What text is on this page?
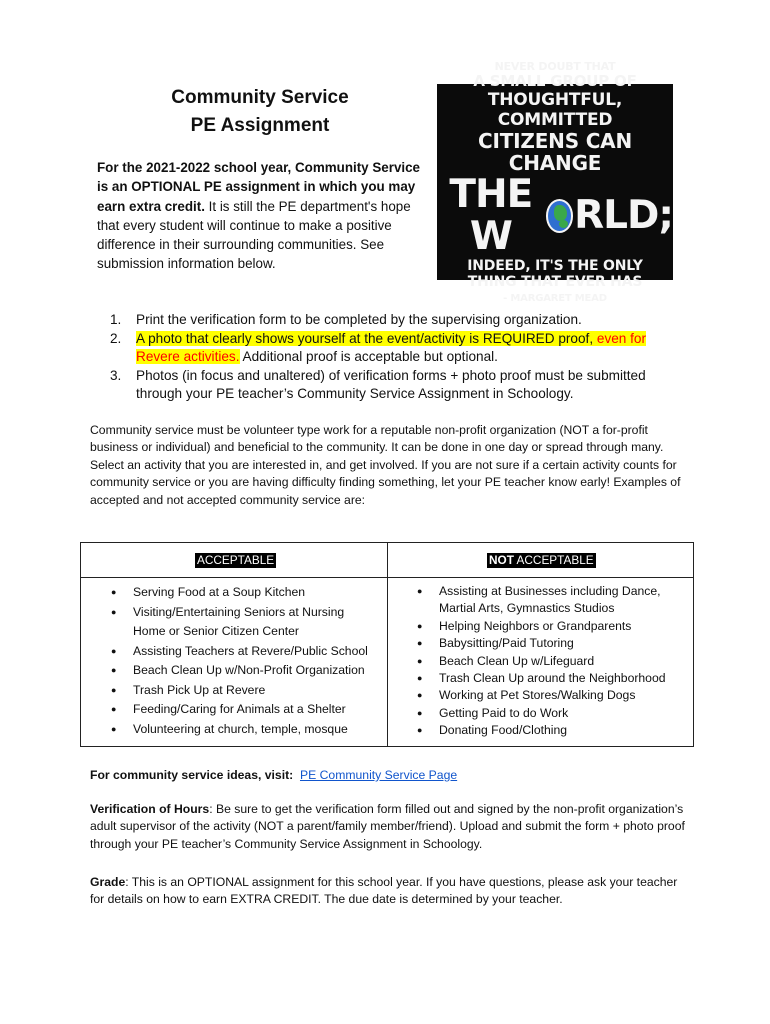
Community Service
PE Assignment
For the 2021-2022 school year, Community Service is an OPTIONAL PE assignment in which you may earn extra credit. It is still the PE department's hope that every student will continue to make a positive difference in their surrounding communities. See submission information below.
NEVER DOUBT THAT
A SMALL GROUP OF
THOUGHTFUL, COMMITTED
CITIZENS CAN CHANGE
THE W	RLD;
INDEED, IT'S THE ONLY
THING THAT EVER HAS
- MARGARET MEAD
1. Print the verification form to be completed by the supervising organization.
2. A photo that clearly shows yourself at the event/activity is REQUIRED proof, even for
Revere activities. Additional proof is acceptable but optional.
3. Photos (in focus and unaltered) of verification forms + photo proof must be submitted through your PE teacher’s Community Service Assignment in Schoology.
Community service must be volunteer type work for a reputable non-profit organization (NOT a for-profit business or individual) and beneficial to the community. It can be done in one day or spread through many. Select an activity that you are interested in, and get involved. If you are not sure if a certain activity counts for community service or you are having difficulty finding something, let your PE teacher know early! Examples of accepted and not accepted community service are:
ACCEPTABLE	NOT ACCEPTABLE
● Serving Food at a Soup Kitchen
● Visiting/Entertaining Seniors at Nursing Home or Senior Citizen Center
● Assisting Teachers at Revere/Public School
● Beach Clean Up w/Non-Profit Organization
● Trash Pick Up at Revere
● Feeding/Caring for Animals at a Shelter
● Volunteering at church, temple, mosque
● Assisting at Businesses including Dance, Martial Arts, Gymnastics Studios
● Helping Neighbors or Grandparents
● Babysitting/Paid Tutoring
● Beach Clean Up w/Lifeguard
● Trash Clean Up around the Neighborhood
● Working at Pet Stores/Walking Dogs
● Getting Paid to do Work
● Donating Food/Clothing
For community service ideas, visit: PE Community Service Page
Verification of Hours: Be sure to get the verification form filled out and signed by the non-profit organization’s adult supervisor of the activity (NOT a parent/family member/friend). Upload and submit the form + photo proof through your PE teacher’s Community Service Assignment in Schoology.
Grade: This is an OPTIONAL assignment for this school year. If you have questions, please ask your teacher for details on how to earn EXTRA CREDIT. The due date is determined by your teacher.
